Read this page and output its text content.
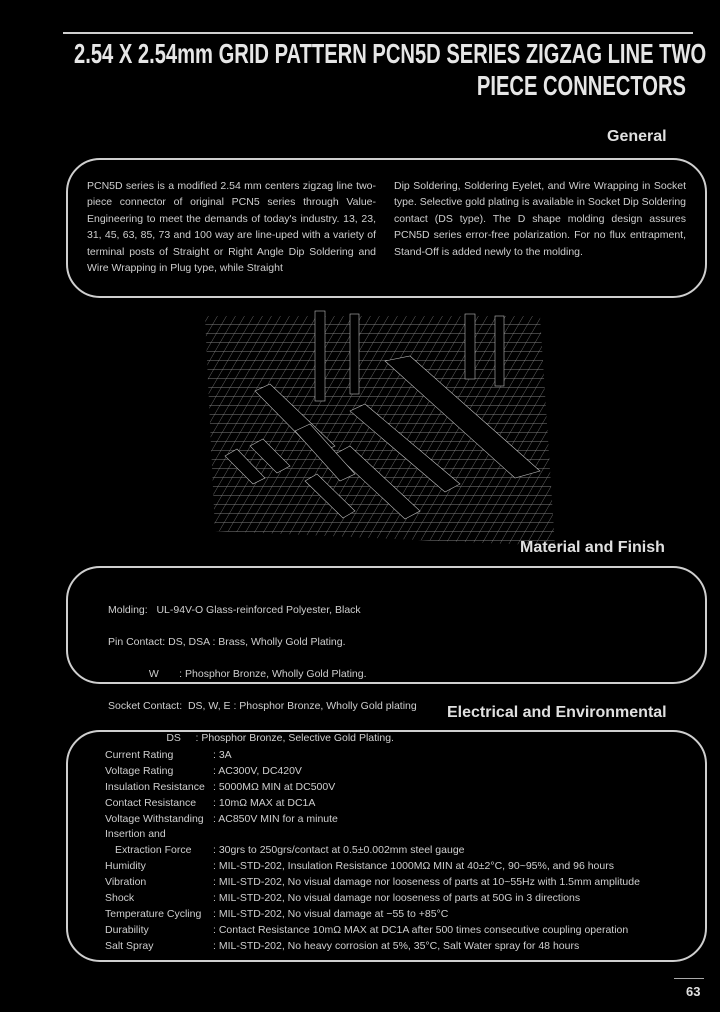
2.54 X 2.54mm GRID PATTERN PCN5D SERIES ZIGZAG LINE TWO
PIECE CONNECTORS
General
PCN5D series is a modified 2.54 mm centers zigzag line two-piece connector of original PCN5 series through Value-Engineering to meet the demands of today's industry. 13, 23, 31, 45, 63, 85, 73 and 100 way are line-uped with a variety of terminal posts of Straight or Right Angle Dip Soldering and Wire Wrapping in Plug type, while Straight
Dip Soldering, Soldering Eyelet, and Wire Wrapping in Socket type. Selective gold plating is available in Socket Dip Soldering contact (DS type). The D shape molding design assures PCN5D series error-free polarization. For no flux entrapment, Stand-Off is added newly to the molding.
Material and Finish

Molding:   UL-94V-O Glass-reinforced Polyester, Black

Pin Contact: DS, DSA : Brass, Wholly Gold Plating.

W       : Phosphor Bronze, Wholly Gold Plating.

Socket Contact:  DS, W, E : Phosphor Bronze, Wholly Gold plating

DS     : Phosphor Bronze, Selective Gold Plating.

Electrical and Environmental
Current Rating	: 3A
Voltage Rating	: AC300V, DC420V
Insulation Resistance : 5000MΩ MIN at DC500V
Contact Resistance : 10mΩ MAX at DC1A
Voltage Withstanding : AC850V MIN for a minute
Insertion and
Extraction Force : 30grs to 250grs/contact at 0.5±0.002mm steel gauge
Humidity	: MIL-STD-202, Insulation Resistance 1000MΩ MIN at 40±2°C, 90~95%, and 96 hours
Vibration	: MIL-STD-202, No visual damage nor looseness of parts at 10~55Hz with 1.5mm amplitude
Shock	: MIL-STD-202, No visual damage nor looseness of parts at 50G in 3 directions
Temperature Cycling : MIL-STD-202, No visual damage at −55 to +85°C
Durability	: Contact Resistance 10mΩ MAX at DC1A after 500 times consecutive coupling operation
Salt Spray	: MIL-STD-202, No heavy corrosion at 5%, 35°C, Salt Water spray for 48 hours
63
